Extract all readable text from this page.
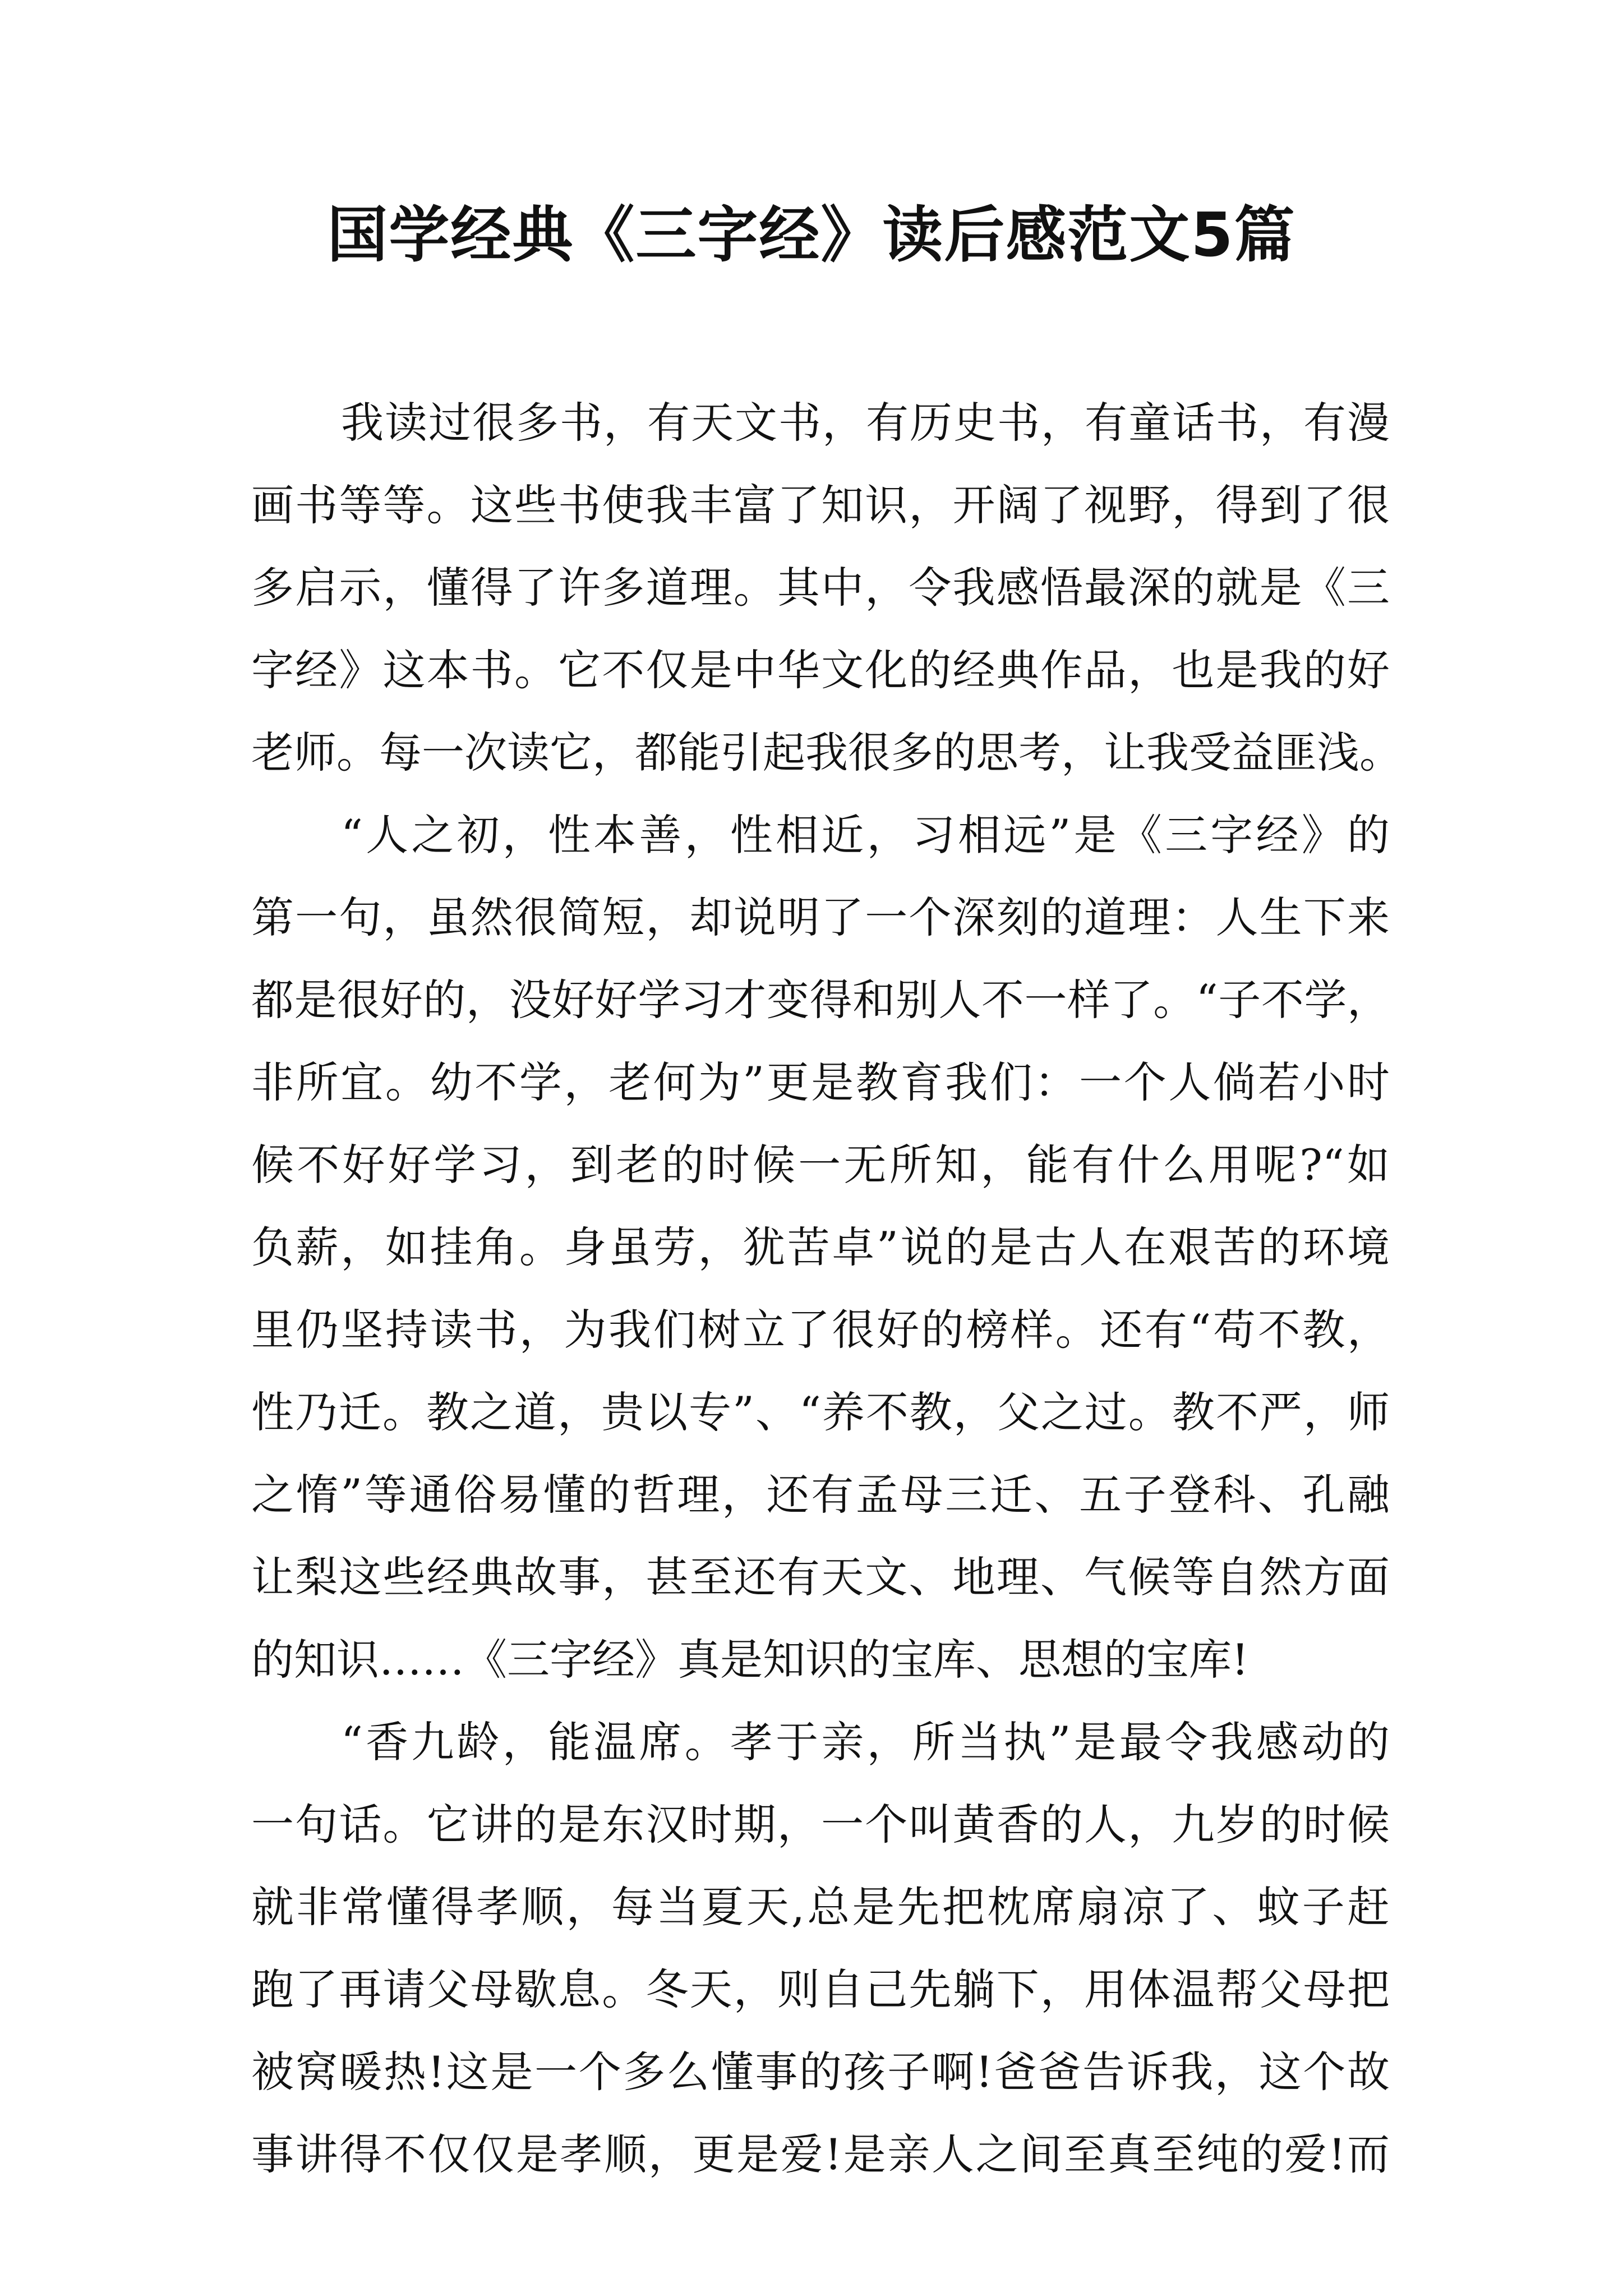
国学经典《三字经》读后感范文5篇

我读过很多书，有天文书，有历史书，有童话书，有漫

画书等等。这些书使我丰富了知识，开阔了视野，得到了很

多启示，懂得了许多道理。其中，令我感悟最深的就是《三

字经》这本书。它不仅是中华文化的经典作品，也是我的好

老师。每一次读它，都能引起我很多的思考，让我受益匪浅。

“人之初，性本善，性相近，习相远”是《三字经》的

第一句，虽然很简短，却说明了一个深刻的道理：人生下来

都是很好的，没好好学习才变得和别人不一样了。“子不学，

非所宜。幼不学，老何为”更是教育我们：一个人倘若小时

候不好好学习，到老的时候一无所知，能有什么用呢?“如

负薪，如挂角。身虽劳，犹苦卓”说的是古人在艰苦的环境

里仍坚持读书，为我们树立了很好的榜样。还有“苟不教，

性乃迁。教之道，贵以专”、“养不教，父之过。教不严，师

之惰”等通俗易懂的哲理，还有孟母三迁、五子登科、孔融

让梨这些经典故事，甚至还有天文、地理、气候等自然方面

的知识……《三字经》真是知识的宝库、思想的宝库!

“香九龄，能温席。孝于亲，所当执”是最令我感动的

一句话。它讲的是东汉时期，一个叫黄香的人，九岁的时候

就非常懂得孝顺，每当夏天,总是先把枕席扇凉了、蚊子赶

跑了再请父母歇息。冬天，则自己先躺下，用体温帮父母把

被窝暖热!这是一个多么懂事的孩子啊!爸爸告诉我，这个故

事讲得不仅仅是孝顺，更是爱!是亲人之间至真至纯的爱!而
